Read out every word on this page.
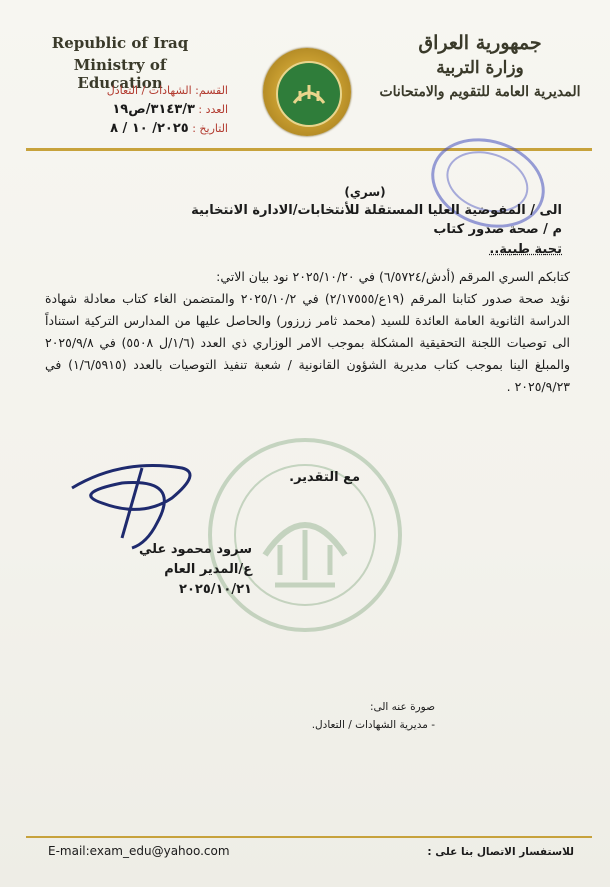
Republic of Iraq
Ministry of Education
القسم: الشهادات / التعادل
العدد : ٣١٤٣/٣/ص١٩
التاريخ : ٢٠٢٥/ ١٠ / ٨
جمهورية العراق
وزارة التربية
المديرية العامة للتقويم والامتحانات
(سري)
الى / المفوضية العليا المستقلة للأنتخابات/الادارة الانتخابية
م / صحة صدور كتاب
تحية طيبة..

كتابكم السري المرقم (أدش/٦/٥٧٢٤) في ٢٠٢٥/١٠/٢٠ نود بيان الاتي:

نؤيد صحة صدور كتابنا المرقم (١٩ع/٢/١٧٥٥٥) في ٢٠٢٥/١٠/٢ والمتضمن الغاء كتاب معادلة شهادة الدراسة الثانوية العامة العائدة للسيد (محمد ثامر زرزور) والحاصل عليها من المدارس التركية استناداً الى توصيات اللجنة التحقيقية المشكلة بموجب الامر الوزاري ذي العدد (١/٦/ل ٥٥٠٨) في ٢٠٢٥/٩/٨ والمبلغ الينا بموجب كتاب مديرية الشؤون القانونية / شعبة تنفيذ التوصيات بالعدد (١/٦/٥٩١٥) في ٢٠٢٥/٩/٢٣ .

مع التقدير.
سرود محمود علي
ع/المدير العام
٢٠٢٥/١٠/٢١
صورة عنه الى:
- مديرية الشهادات / التعادل.
E-mail:exam_edu@yahoo.com	للاستفسار الاتصال بنا على :
